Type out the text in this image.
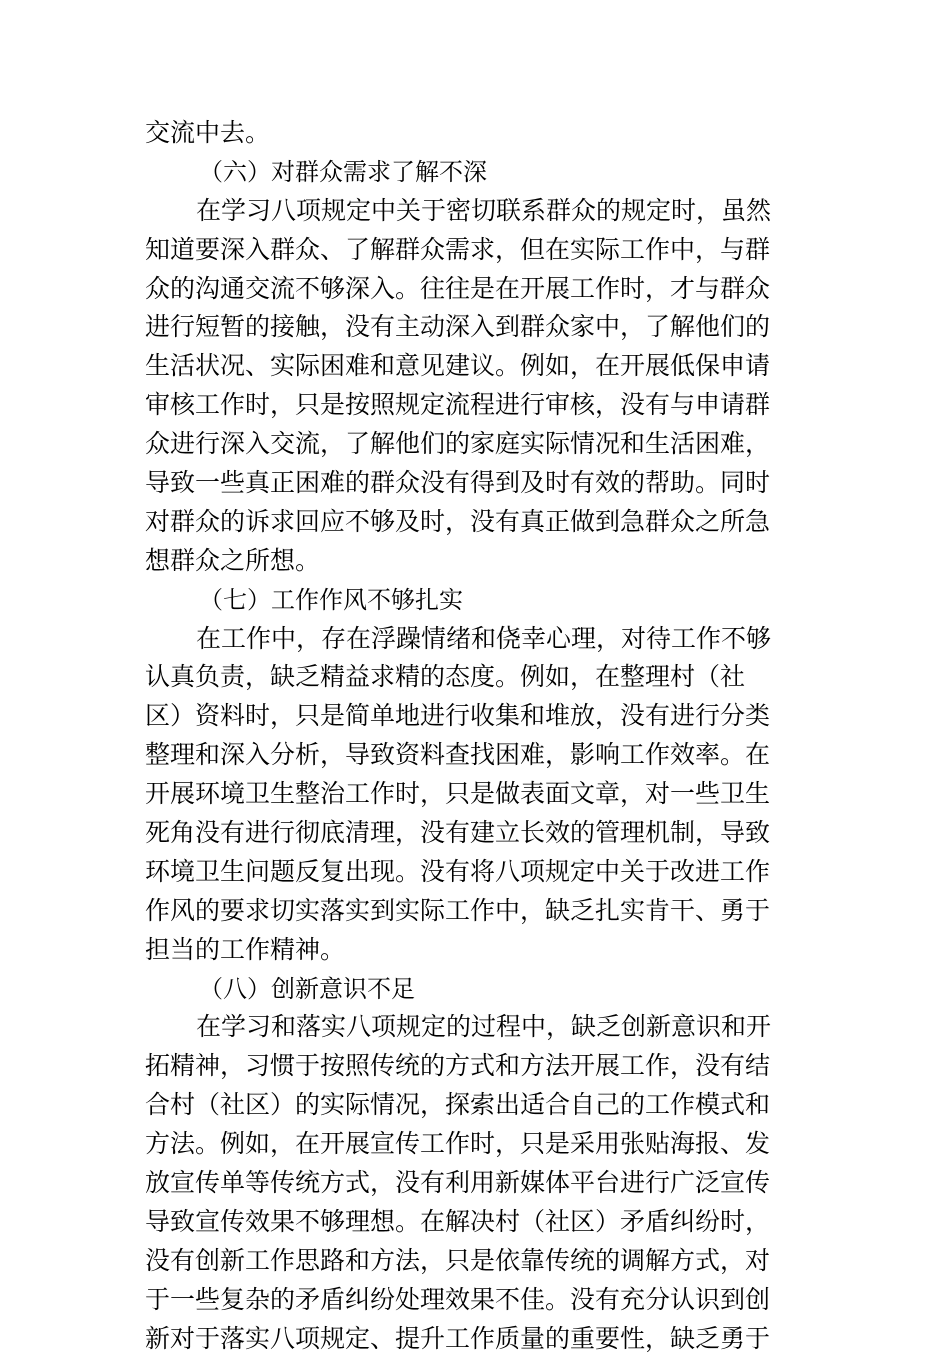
交流中去。
（六）对群众需求了解不深
在学习八项规定中关于密切联系群众的规定时，虽然
知道要深入群众、了解群众需求，但在实际工作中，与群
众的沟通交流不够深入。往往是在开展工作时，才与群众
进行短暂的接触，没有主动深入到群众家中，了解他们的
生活状况、实际困难和意见建议。例如，在开展低保申请
审核工作时，只是按照规定流程进行审核，没有与申请群
众进行深入交流，了解他们的家庭实际情况和生活困难，
导致一些真正困难的群众没有得到及时有效的帮助。同时
对群众的诉求回应不够及时，没有真正做到急群众之所急
想群众之所想。
（七）工作作风不够扎实
在工作中，存在浮躁情绪和侥幸心理，对待工作不够
认真负责，缺乏精益求精的态度。例如，在整理村（社
区）资料时，只是简单地进行收集和堆放，没有进行分类
整理和深入分析，导致资料查找困难，影响工作效率。在
开展环境卫生整治工作时，只是做表面文章，对一些卫生
死角没有进行彻底清理，没有建立长效的管理机制，导致
环境卫生问题反复出现。没有将八项规定中关于改进工作
作风的要求切实落实到实际工作中，缺乏扎实肯干、勇于
担当的工作精神。
（八）创新意识不足
在学习和落实八项规定的过程中，缺乏创新意识和开
拓精神，习惯于按照传统的方式和方法开展工作，没有结
合村（社区）的实际情况，探索出适合自己的工作模式和
方法。例如，在开展宣传工作时，只是采用张贴海报、发
放宣传单等传统方式，没有利用新媒体平台进行广泛宣传
导致宣传效果不够理想。在解决村（社区）矛盾纠纷时，
没有创新工作思路和方法，只是依靠传统的调解方式，对
于一些复杂的矛盾纠纷处理效果不佳。没有充分认识到创
新对于落实八项规定、提升工作质量的重要性，缺乏勇于
